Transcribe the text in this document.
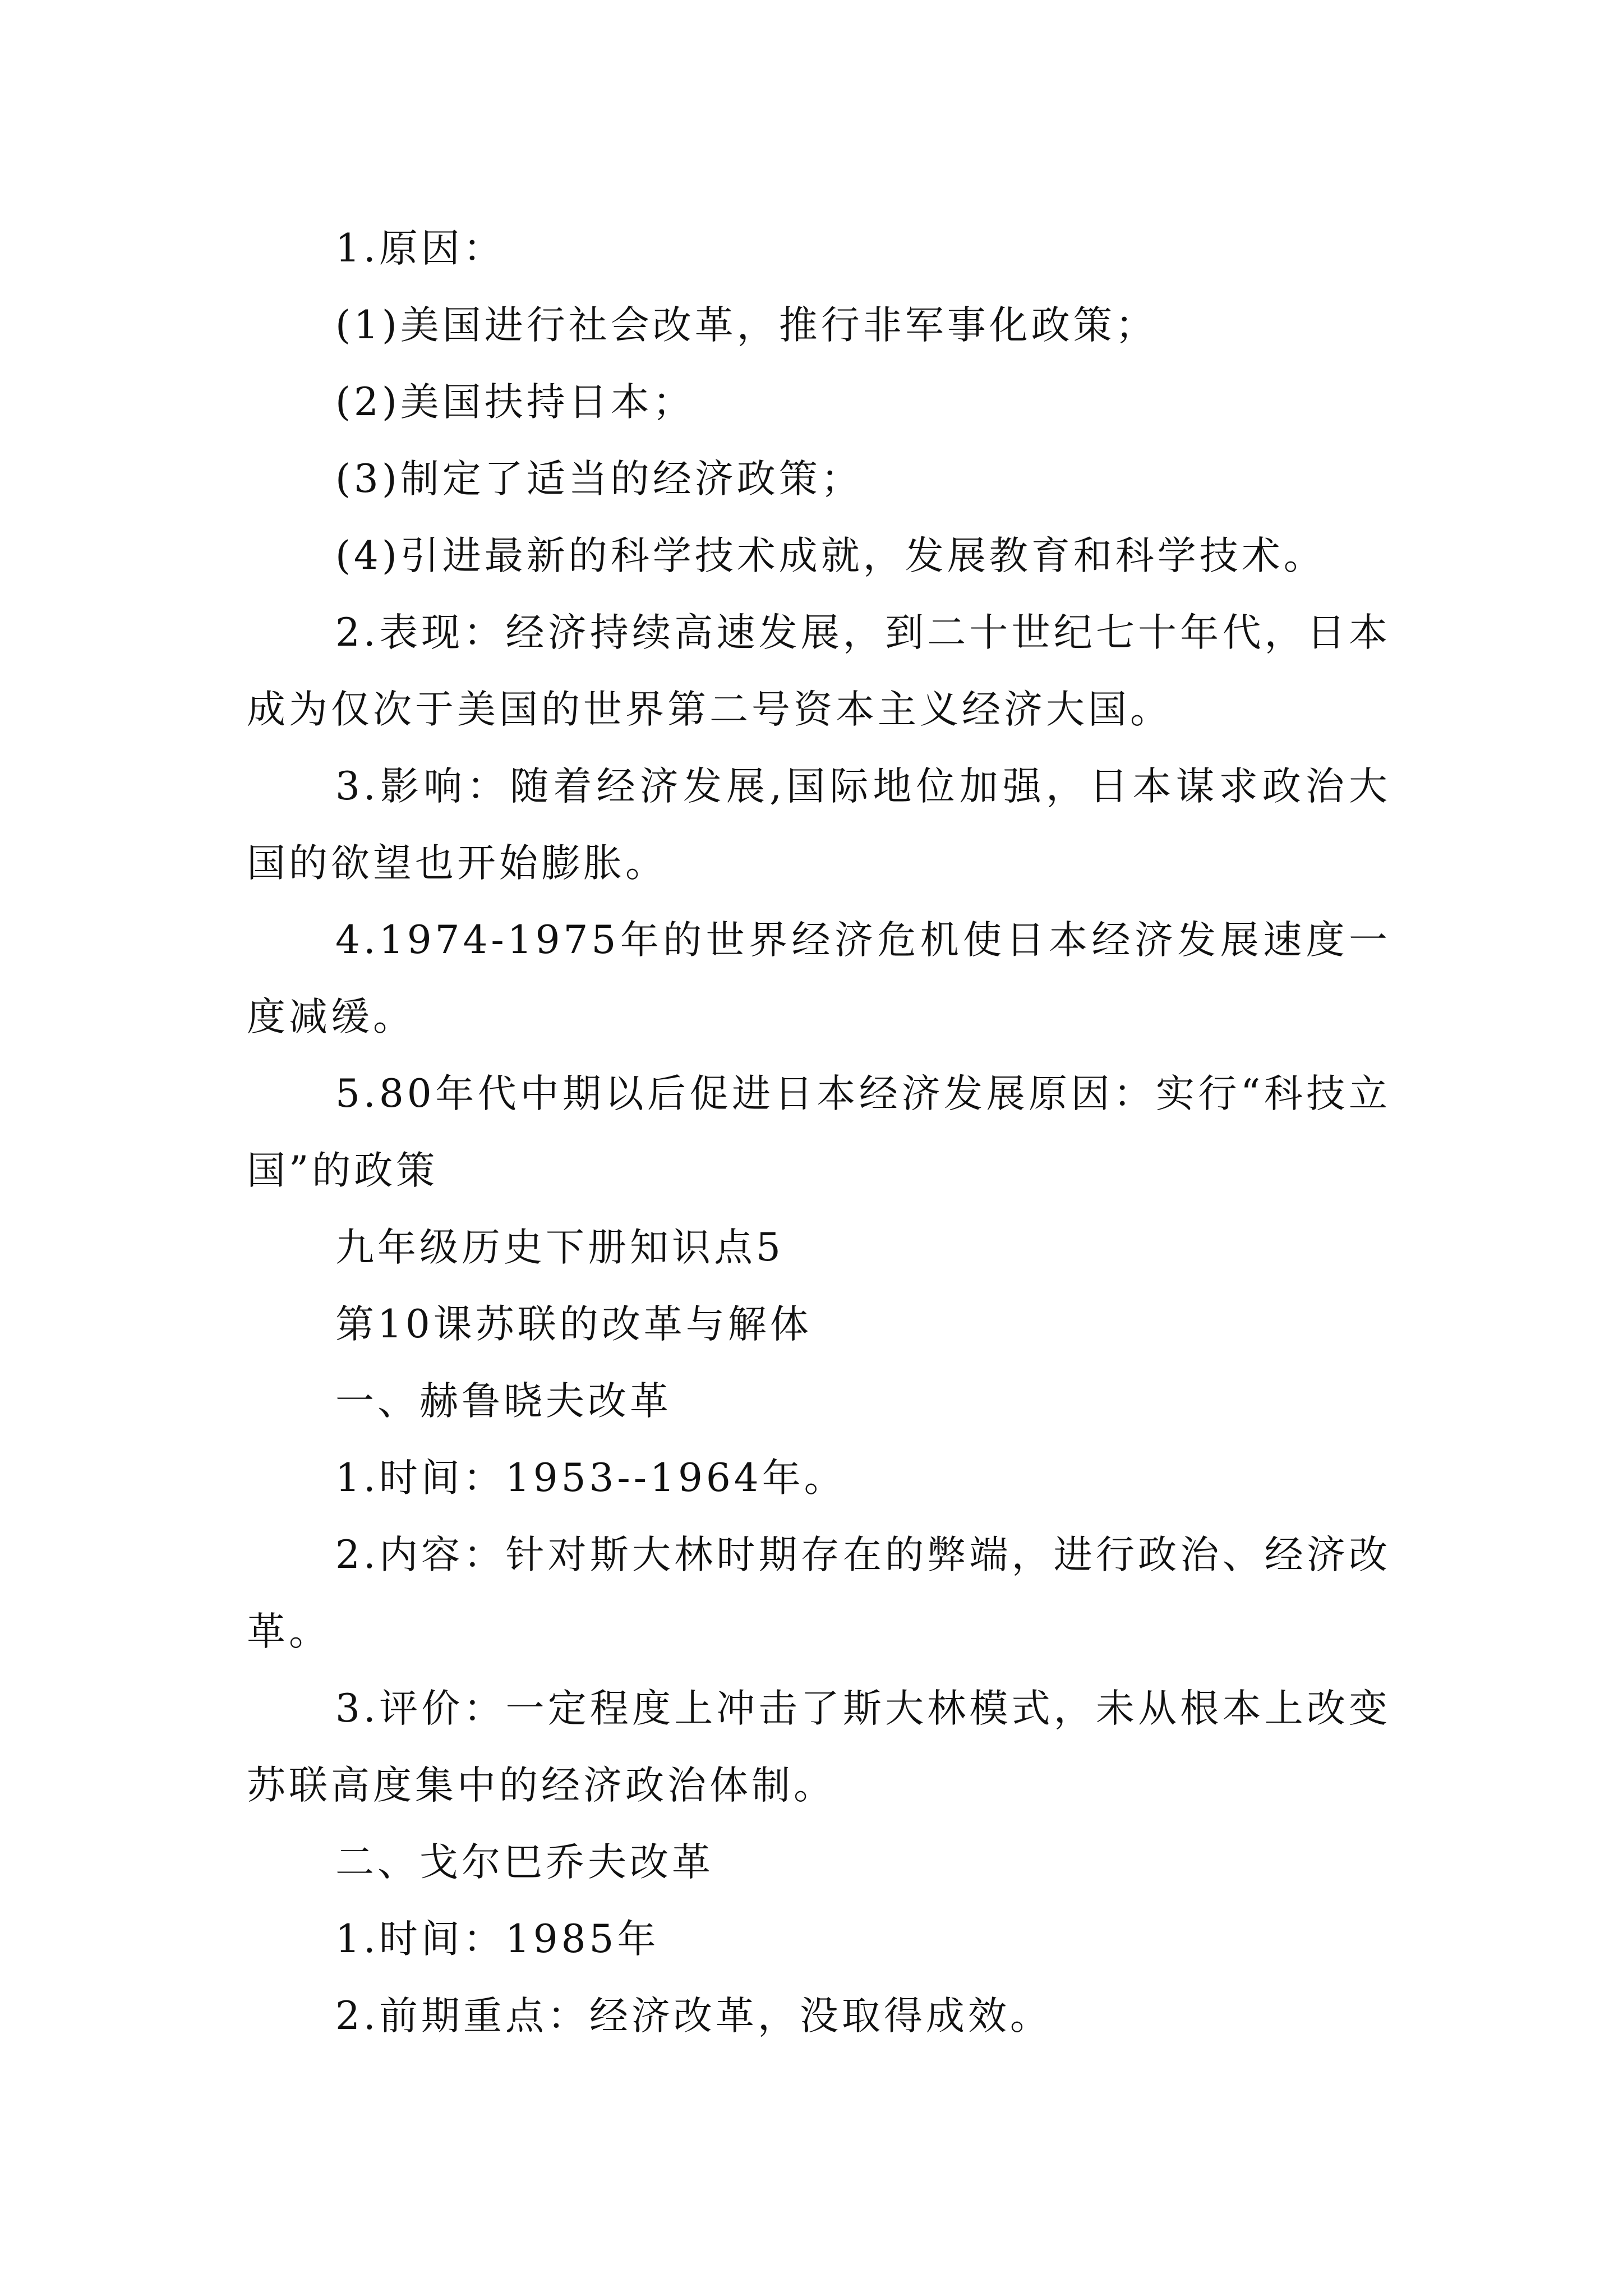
1.原因：

(1)美国进行社会改革，推行非军事化政策；

(2)美国扶持日本；

(3)制定了适当的经济政策；

(4)引进最新的科学技术成就，发展教育和科学技术。

2.表现：经济持续高速发展，到二十世纪七十年代，日本成为仅次于美国的世界第二号资本主义经济大国。

3.影响：随着经济发展,国际地位加强，日本谋求政治大国的欲望也开始膨胀。

4.1974-1975年的世界经济危机使日本经济发展速度一度减缓。

5.80年代中期以后促进日本经济发展原因：实行“科技立国”的政策

九年级历史下册知识点5

第10课苏联的改革与解体

一、赫鲁晓夫改革

1.时间：1953--1964年。

2.内容：针对斯大林时期存在的弊端，进行政治、经济改革。

3.评价：一定程度上冲击了斯大林模式，未从根本上改变苏联高度集中的经济政治体制。

二、戈尔巴乔夫改革

1.时间：1985年

2.前期重点：经济改革，没取得成效。
